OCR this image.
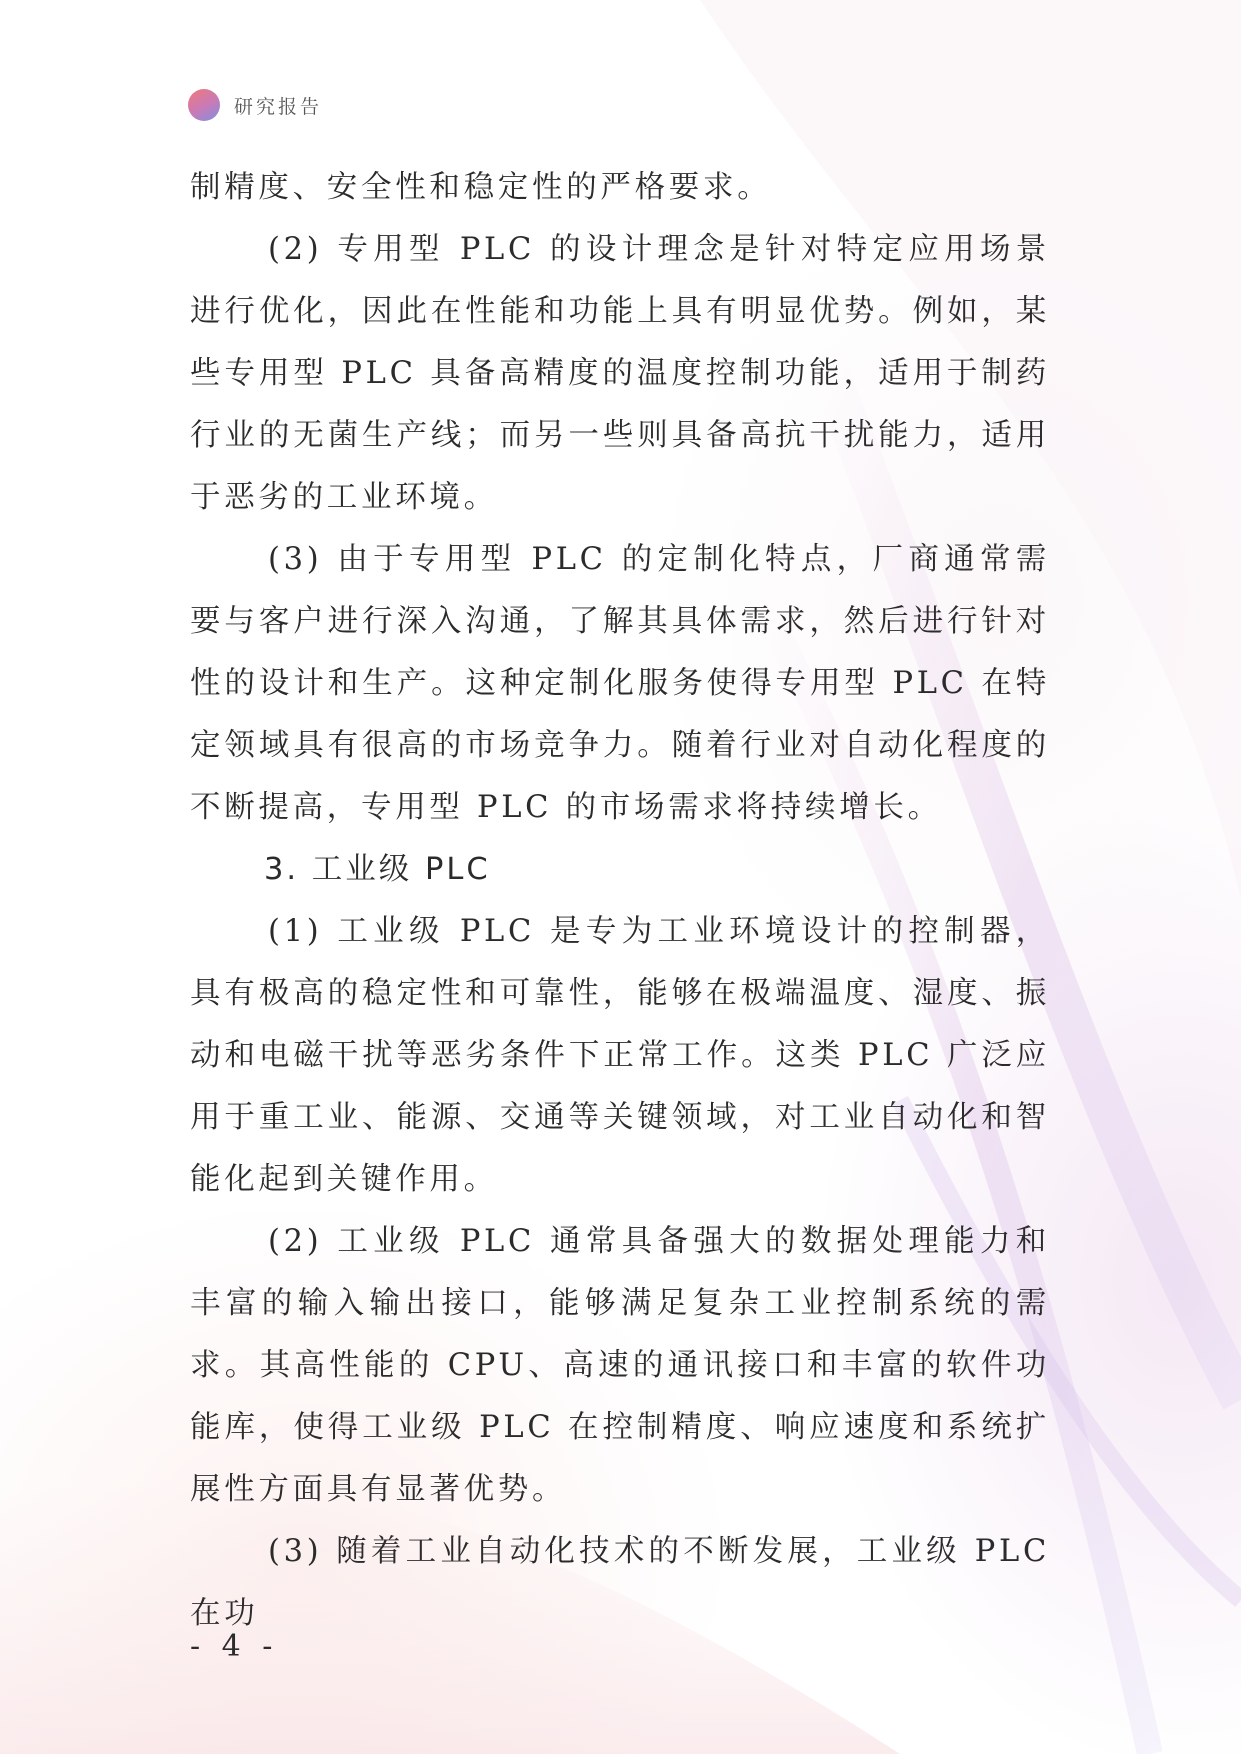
研究报告

制精度、安全性和稳定性的严格要求。

(2) 专用型 PLC 的设计理念是针对特定应用场景进行优化，因此在性能和功能上具有明显优势。例如，某些专用型 PLC 具备高精度的温度控制功能，适用于制药行业的无菌生产线；而另一些则具备高抗干扰能力，适用于恶劣的工业环境。

(3) 由于专用型 PLC 的定制化特点，厂商通常需要与客户进行深入沟通，了解其具体需求，然后进行针对性的设计和生产。这种定制化服务使得专用型 PLC 在特定领域具有很高的市场竞争力。随着行业对自动化程度的不断提高，专用型 PLC 的市场需求将持续增长。

3. 工业级 PLC

(1) 工业级 PLC 是专为工业环境设计的控制器，具有极高的稳定性和可靠性，能够在极端温度、湿度、振动和电磁干扰等恶劣条件下正常工作。这类 PLC 广泛应用于重工业、能源、交通等关键领域，对工业自动化和智能化起到关键作用。

(2) 工业级 PLC 通常具备强大的数据处理能力和丰富的输入输出接口，能够满足复杂工业控制系统的需求。其高性能的 CPU、高速的通讯接口和丰富的软件功能库，使得工业级 PLC 在控制精度、响应速度和系统扩展性方面具有显著优势。

(3) 随着工业自动化技术的不断发展，工业级 PLC 在功

- 4 -
